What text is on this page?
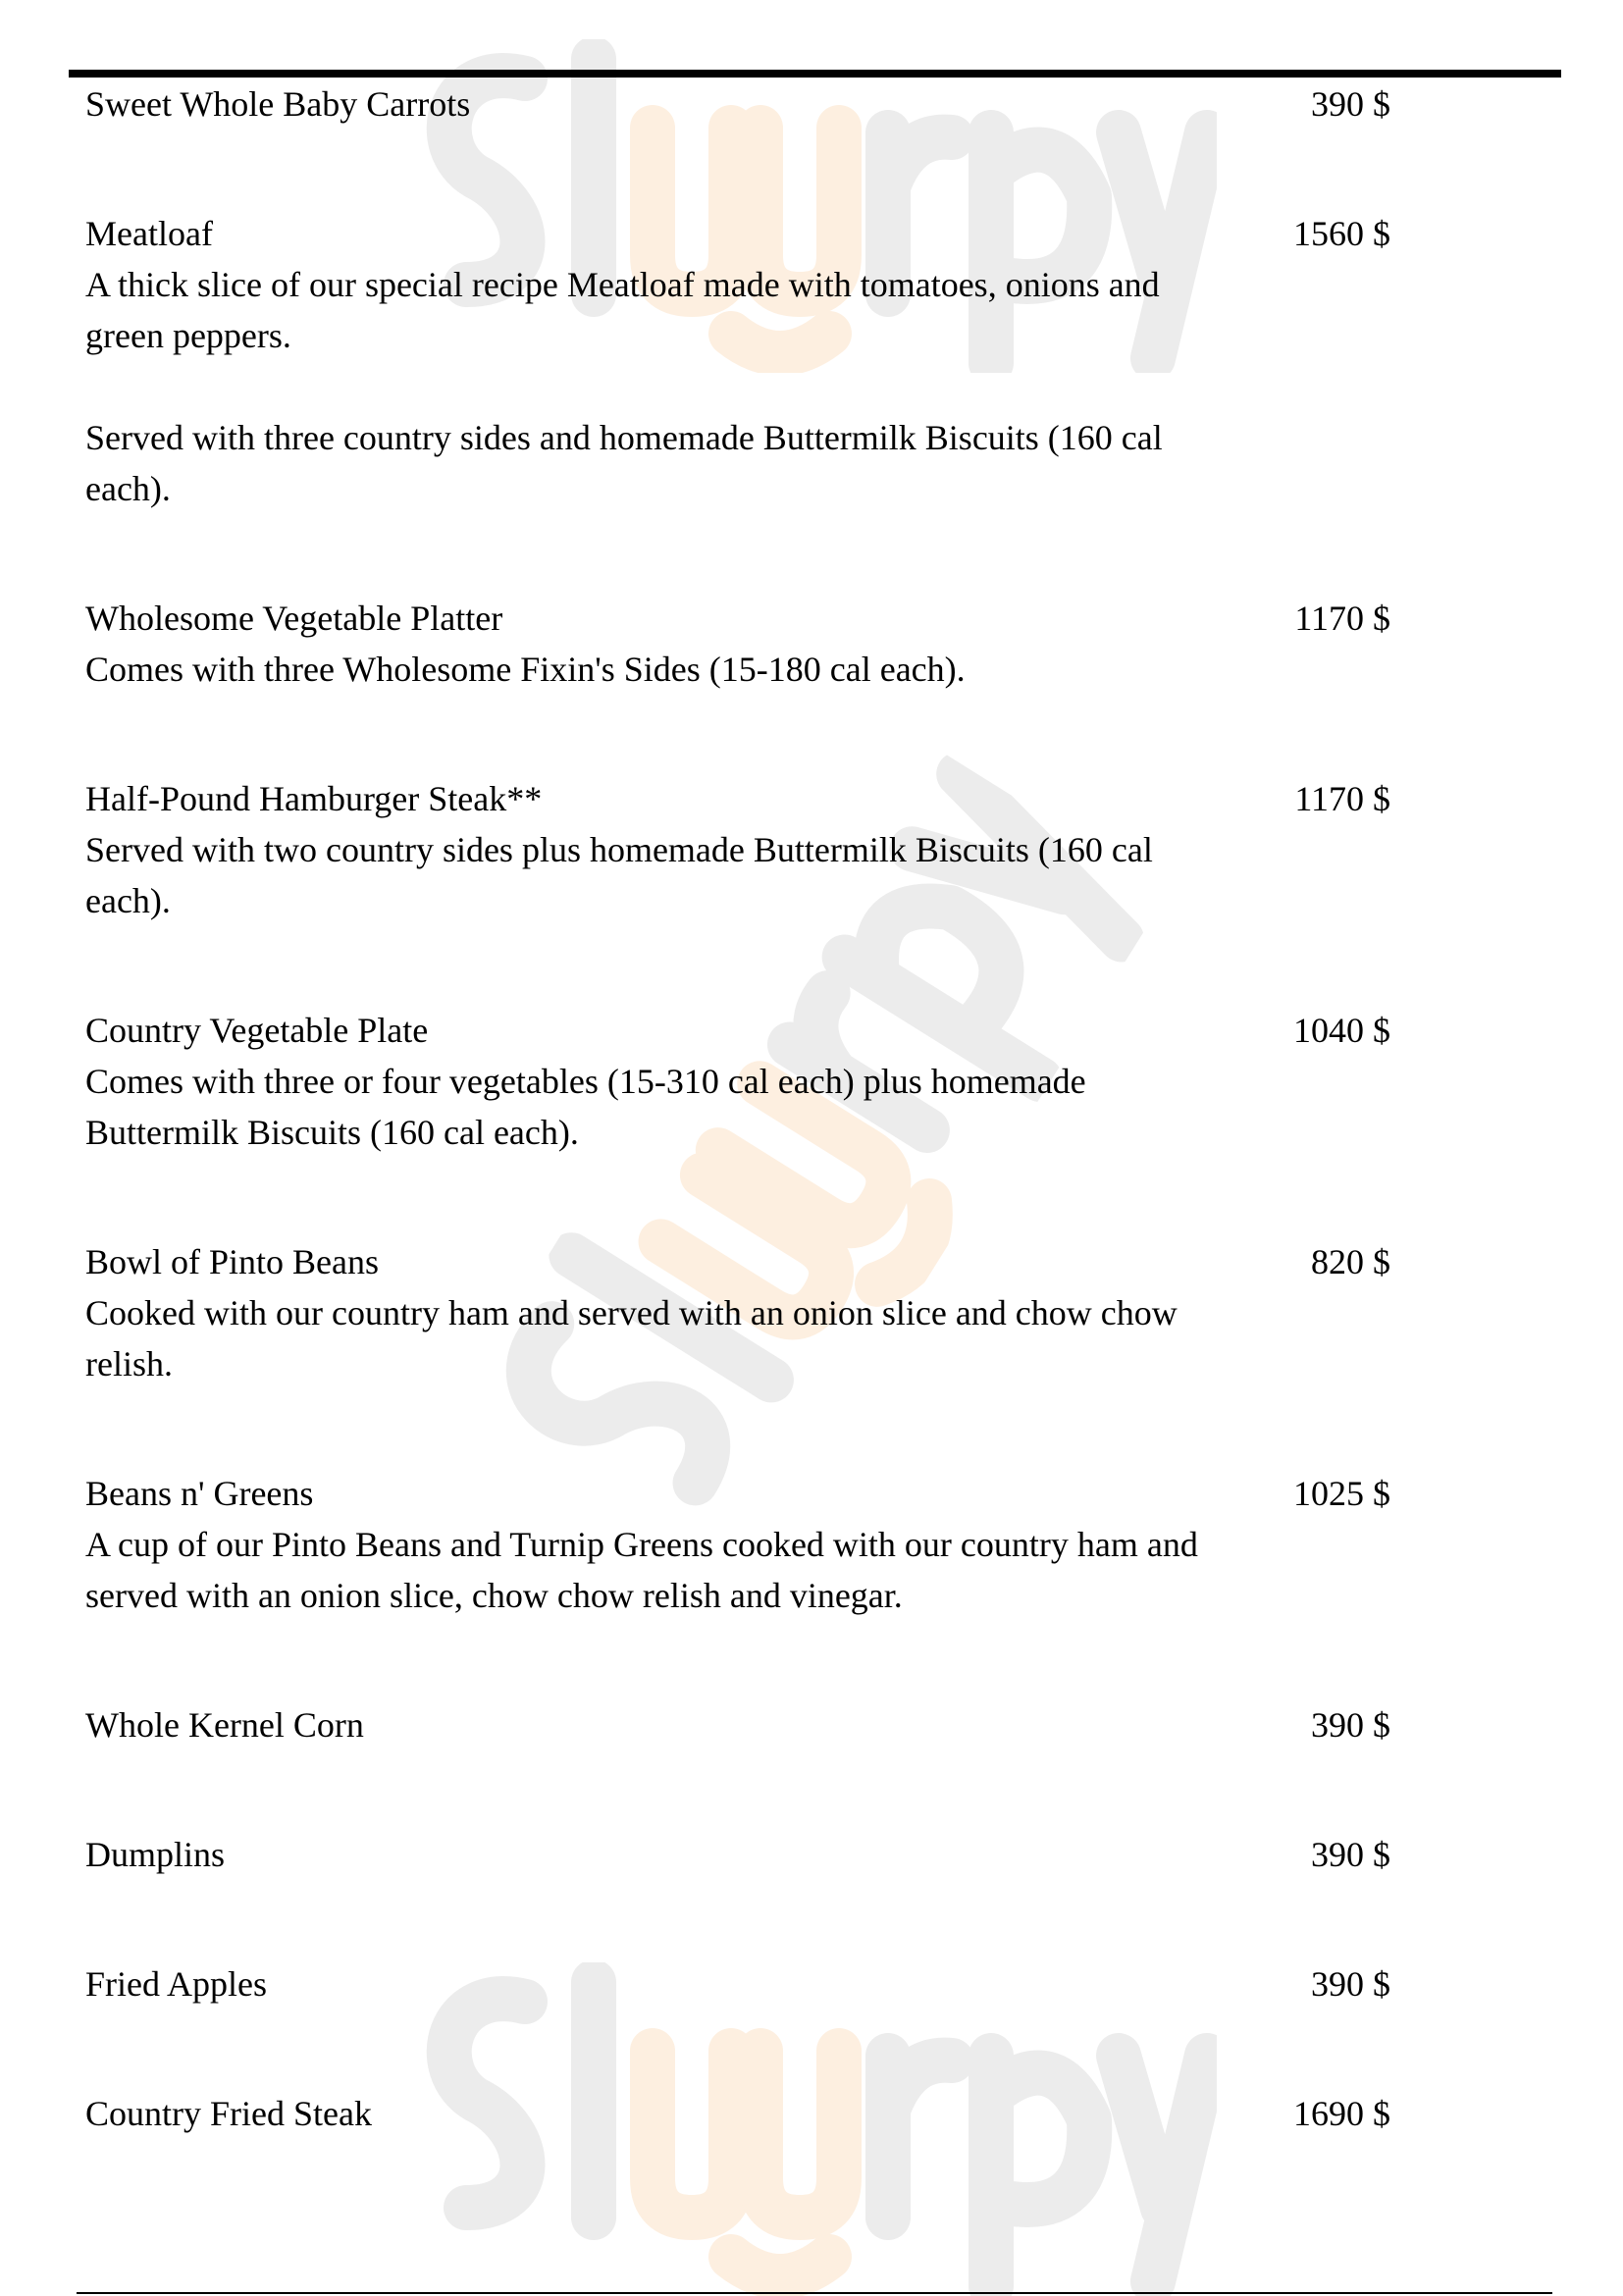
Sweet Whole Baby Carrots	390 $
Meatloaf	1560 $
A thick slice of our special recipe Meatloaf made with tomatoes, onions and green peppers.
Served with three country sides and homemade Buttermilk Biscuits (160 cal each).
Wholesome Vegetable Platter	1170 $
Comes with three Wholesome Fixin's Sides (15-180 cal each).
Half-Pound Hamburger Steak**	1170 $
Served with two country sides plus homemade Buttermilk Biscuits (160 cal each).
Country Vegetable Plate	1040 $
Comes with three or four vegetables (15-310 cal each) plus homemade Buttermilk Biscuits (160 cal each).
Bowl of Pinto Beans	820 $
Cooked with our country ham and served with an onion slice and chow chow relish.
Beans n' Greens	1025 $
A cup of our Pinto Beans and Turnip Greens cooked with our country ham and served with an onion slice, chow chow relish and vinegar.
Whole Kernel Corn	390 $
Dumplins	390 $
Fried Apples	390 $
Country Fried Steak	1690 $
